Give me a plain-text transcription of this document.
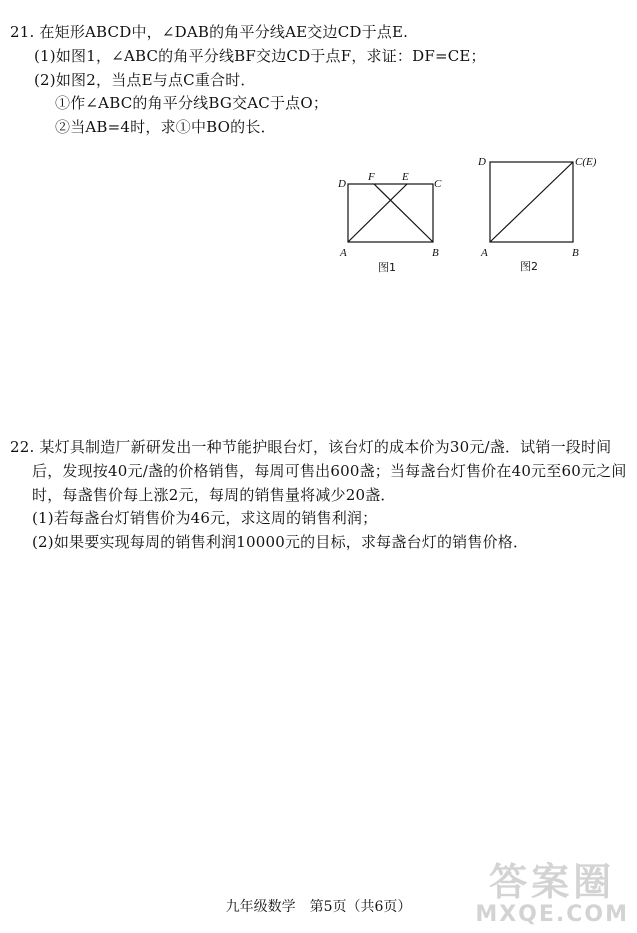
21. 在矩形ABCD中，∠DAB的角平分线AE交边CD于点E.
(1)如图1，∠ABC的角平分线BF交边CD于点F，求证：DF=CE；
(2)如图2，当点E与点C重合时．
①作∠ABC的角平分线BG交AC于点O；
②当AB=4时，求①中BO的长．
D
F E
C
A	B
图1
D	C(E)
A	B
图2
22. 某灯具制造厂新研发出一种节能护眼台灯，该台灯的成本价为30元/盏．试销一段时间
后，发现按40元/盏的价格销售，每周可售出600盏；当每盏台灯售价在40元至60元之间
时，每盏售价每上涨2元，每周的销售量将减少20盏．
(1)若每盏台灯销售价为46元，求这周的销售利润；
(2)如果要实现每周的销售利润10000元的目标，求每盏台灯的销售价格．
九年级数学　第5页（共6页）
答案圈
MXQE.COM
